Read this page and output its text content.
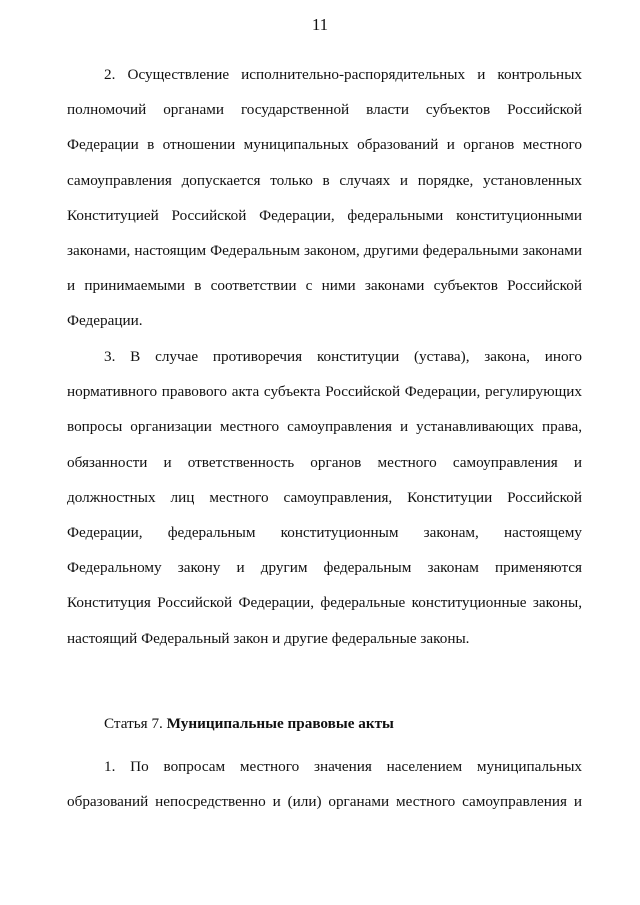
11

2. Осуществление исполнительно-распорядительных и контрольных полномочий органами государственной власти субъектов Российской Федерации в отношении муниципальных образований и органов местного самоуправления допускается только в случаях и порядке, установленных Конституцией Российской Федерации, федеральными конституционными законами, настоящим Федеральным законом, другими федеральными законами и принимаемыми в соответствии с ними законами субъектов Российской Федерации.

3. В случае противоречия конституции (устава), закона, иного нормативного правового акта субъекта Российской Федерации, регулирующих вопросы организации местного самоуправления и устанавливающих права, обязанности и ответственность органов местного самоуправления и должностных лиц местного самоуправления, Конституции Российской Федерации, федеральным конституционным законам, настоящему Федеральному закону и другим федеральным законам применяются Конституция Российской Федерации, федеральные конституционные законы, настоящий Федеральный закон и другие федеральные законы.

Статья 7. Муниципальные правовые акты

1. По вопросам местного значения населением муниципальных образований непосредственно и (или) органами местного самоуправления и
